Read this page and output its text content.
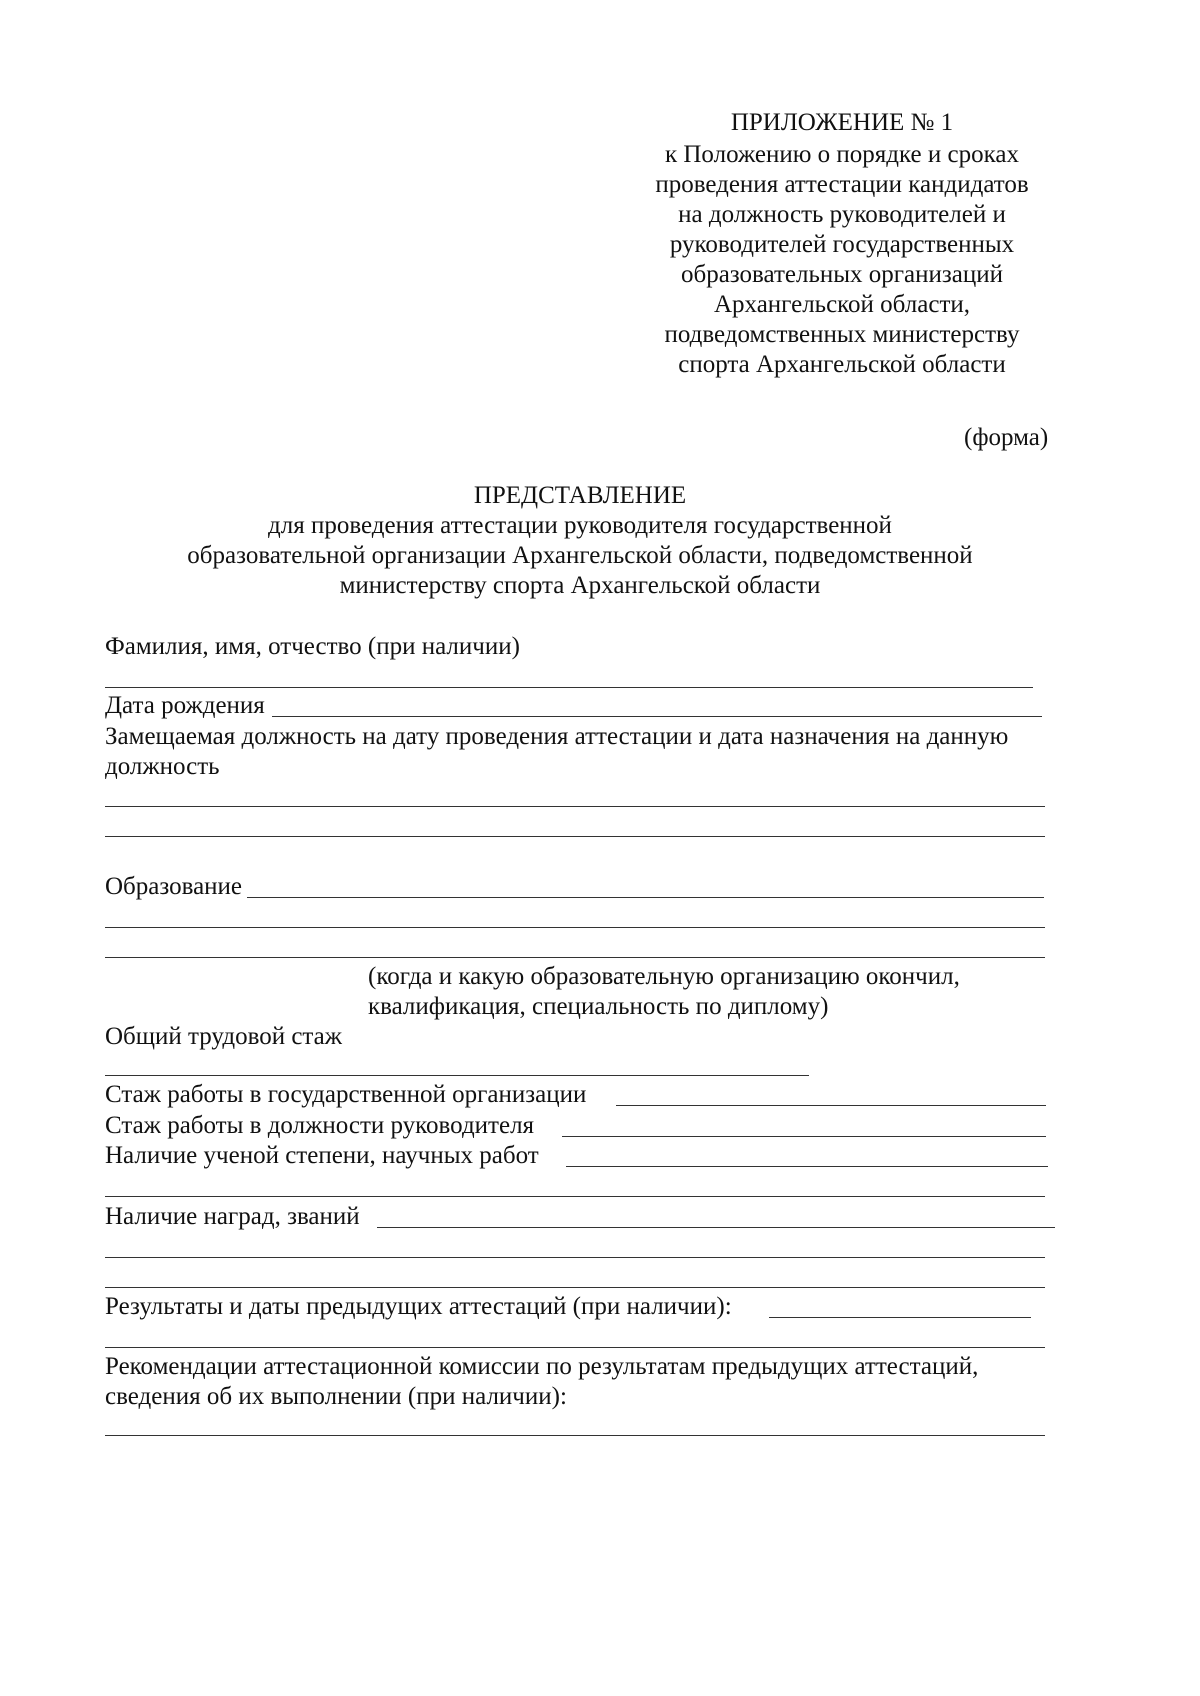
ПРИЛОЖЕНИЕ № 1
к Положению о порядке и сроках
проведения аттестации кандидатов
на должность руководителей и
руководителей государственных
образовательных организаций
Архангельской области,
подведомственных министерству
спорта Архангельской области
(форма)
ПРЕДСТАВЛЕНИЕ
для проведения аттестации руководителя государственной
образовательной организации Архангельской области, подведомственной
министерству спорта Архангельской области
Фамилия, имя, отчество (при наличии)
Дата рождения
Замещаемая должность на дату проведения аттестации и дата назначения на данную
должность
Образование
(когда и какую образовательную организацию окончил,
квалификация, специальность по диплому)
Общий трудовой стаж
Стаж работы в государственной организации
Стаж работы в должности руководителя
Наличие ученой степени, научных работ
Наличие наград, званий
Результаты и даты предыдущих аттестаций (при наличии):
Рекомендации аттестационной комиссии по результатам предыдущих аттестаций,
сведения об их выполнении (при наличии):
